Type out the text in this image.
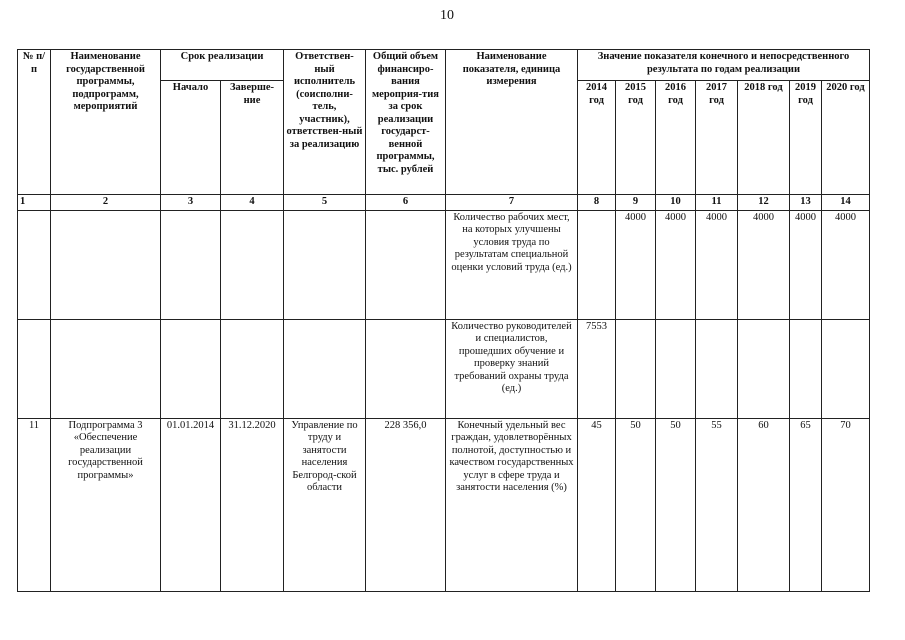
10
№ п/п	Наименование государственной программы, подпрограмм, мероприятий	Срок реализации		Ответствен-ный исполнитель (соисполни-тель, участник), ответствен-ный за реализацию	Общий объем финансиро-вания мероприя-тия за срок реализации государст-венной программы, тыс. рублей	Наименование показателя, единица измерения	Значение показателя конечного и непосредственного результата по годам реализации						
		Начало	Заверше-ние				2014 год	2015 год	2016 год	2017 год	2018 год	2019 год	2020 год
1	2	3	4	5	6	7	8	9	10	11	12	13	14
						Количество рабочих мест, на которых улучшены условия труда по результатам специальной оценки условий труда (ед.)		4000	4000	4000	4000	4000	4000
						Количество руководителей и специалистов, прошедших обучение и проверку знаний требований охраны труда (ед.)	7553						
11	Подпрограмма 3 «Обеспечение реализации государственной программы»	01.01.2014	31.12.2020	Управление по труду и занятости населения Белгород-ской области	228 356,0	Конечный удельный вес граждан, удовлетворённых полнотой, доступностью и качеством государственных услуг в сфере труда и занятости населения (%)	45	50	50	55	60	65	70
